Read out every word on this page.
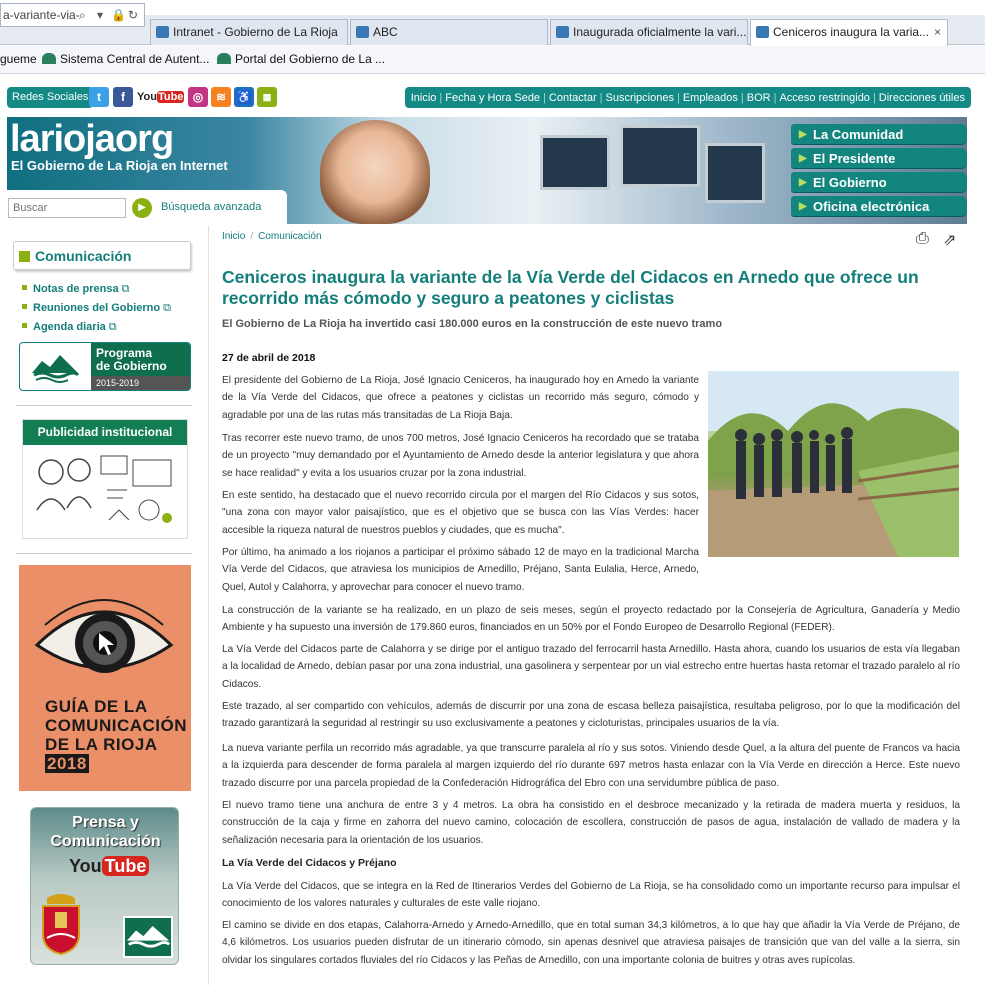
a-variante-via- ⌕ ▾ 🔒 ↻
Intranet - Gobierno de La Rioja	ABC	Inaugurada oficialmente la vari...	Ceniceros inaugura la varia... ×
gueme	Sistema Central de Autent...	Portal del Gobierno de La ...
Redes Sociales t	f	YouTube ◎	≋ ♿	▦	Inicio | Fecha y Hora Sede | Contactar | Suscripciones | Empleados | BOR | Acceso restringido | Direcciones útiles
lariojaorg
El Gobierno de La Rioja en Internet
Buscar
▶	Búsqueda avanzada
▶ La Comunidad
▶ El Presidente
▶ El Gobierno
▶ Oficina electrónica
Comunicación
Notas de prensa ⧉
Reuniones del Gobierno ⧉
Agenda diaria ⧉
Programa
de Gobierno
2015-2019
Publicidad institucional
GUÍA DE LA
COMUNICACIÓN
DE LA RIOJA
2018
Prensa y
Comunicación
You Tube
Inicio / Comunicación	⎙ ⇗
Ceniceros inaugura la variante de la Vía Verde del Cidacos en Arnedo que ofrece un recorrido más cómodo y seguro a peatones y ciclistas
El Gobierno de La Rioja ha invertido casi 180.000 euros en la construcción de este nuevo tramo
27 de abril de 2018
El presidente del Gobierno de La Rioja, José Ignacio Ceniceros, ha inaugurado hoy en Arnedo la variante de la Vía Verde del Cidacos, que ofrece a peatones y ciclistas un recorrido más seguro, cómodo y agradable por una de las rutas más transitadas de La Rioja Baja.
Tras recorrer este nuevo tramo, de unos 700 metros, José Ignacio Ceniceros ha recordado que se trataba de un proyecto "muy demandado por el Ayuntamiento de Arnedo desde la anterior legislatura y que ahora se hace realidad" y evita a los usuarios cruzar por la zona industrial.
En este sentido, ha destacado que el nuevo recorrido circula por el margen del Río Cidacos y sus sotos, "una zona con mayor valor paisajístico, que es el objetivo que se busca con las Vías Verdes: hacer accesible la riqueza natural de nuestros pueblos y ciudades, que es mucha".
Por último, ha animado a los riojanos a participar el próximo sábado 12 de mayo en la tradicional Marcha Vía Verde del Cidacos, que atraviesa los municipios de Arnedillo, Préjano, Santa Eulalia, Herce, Arnedo, Quel, Autol y Calahorra, y aprovechar para conocer el nuevo tramo.
La construcción de la variante se ha realizado, en un plazo de seis meses, según el proyecto redactado por la Consejería de Agricultura, Ganadería y Medio Ambiente y ha supuesto una inversión de 179.860 euros, financiados en un 50% por el Fondo Europeo de Desarrollo Regional (FEDER).
La Vía Verde del Cidacos parte de Calahorra y se dirige por el antiguo trazado del ferrocarril hasta Arnedillo. Hasta ahora, cuando los usuarios de esta vía llegaban a la localidad de Arnedo, debían pasar por una zona industrial, una gasolinera y serpentear por un vial estrecho entre huertas hasta retomar el trazado paralelo al río Cidacos.
Este trazado, al ser compartido con vehículos, además de discurrir por una zona de escasa belleza paisajística, resultaba peligroso, por lo que la modificación del trazado garantizará la seguridad al restringir su uso exclusivamente a peatones y cicloturistas, principales usuarios de la vía.
La nueva variante perfila un recorrido más agradable, ya que transcurre paralela al río y sus sotos. Viniendo desde Quel, a la altura del puente de Francos va hacia a la izquierda para descender de forma paralela al margen izquierdo del río durante 697 metros hasta enlazar con la Vía Verde en dirección a Herce. Este nuevo trazado discurre por una parcela propiedad de la Confederación Hidrográfica del Ebro con una servidumbre pública de paso.
El nuevo tramo tiene una anchura de entre 3 y 4 metros. La obra ha consistido en el desbroce mecanizado y la retirada de madera muerta y residuos, la construcción de la caja y firme en zahorra del nuevo camino, colocación de escollera, construcción de pasos de agua, instalación de vallado de madera y la señalización necesaria para la orientación de los usuarios.
La Vía Verde del Cidacos y Préjano
La Vía Verde del Cidacos, que se integra en la Red de Itinerarios Verdes del Gobierno de La Rioja, se ha consolidado como un importante recurso para impulsar el conocimiento de los valores naturales y culturales de este valle riojano.
El camino se divide en dos etapas, Calahorra-Arnedo y Arnedo-Arnedillo, que en total suman 34,3 kilómetros, a lo que hay que añadir la Vía Verde de Préjano, de 4,6 kilómetros. Los usuarios pueden disfrutar de un itinerario cómodo, sin apenas desnivel que atraviesa paisajes de transición que van del valle a la sierra, sin olvidar los singulares cortados fluviales del río Cidacos y las Peñas de Arnedillo, con una importante colonia de buitres y otras aves rupícolas.
